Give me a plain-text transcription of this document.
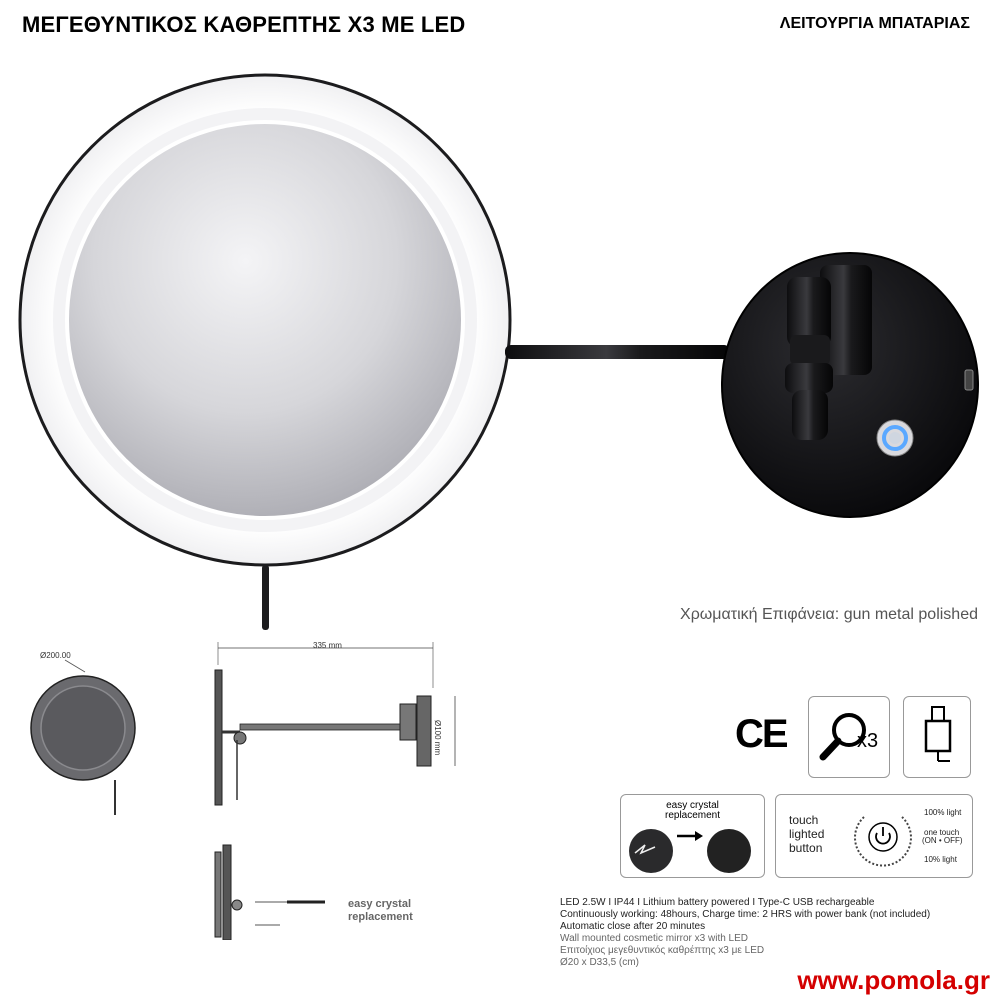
ΜΕΓΕΘΥΝΤΙΚΟΣ ΚΑΘΡΕΠΤΗΣ Χ3 ΜΕ LED	ΛΕΙΤΟΥΡΓΙΑ ΜΠΑΤΑΡΙΑΣ
Χρωματική Επιφάνεια: gun metal polished
Ø200.00
335 mm
Ø100 mm
easy crystal
replacement
CE	x3
easy crystal
replacement	touch
lighted
button
100% light
one touch
(ON • OFF)
10% light
LED 2.5W I IP44 I Lithium battery powered I Type-C USB rechargeable
Continuously working: 48hours, Charge time: 2 HRS with power bank (not included)
Automatic close after 20 minutes
Wall mounted cosmetic mirror x3 with LED
Επιτοίχιος μεγεθυντικός καθρέπτης x3 με LED
Ø20 x D33,5 (cm)
www.pomola.gr
